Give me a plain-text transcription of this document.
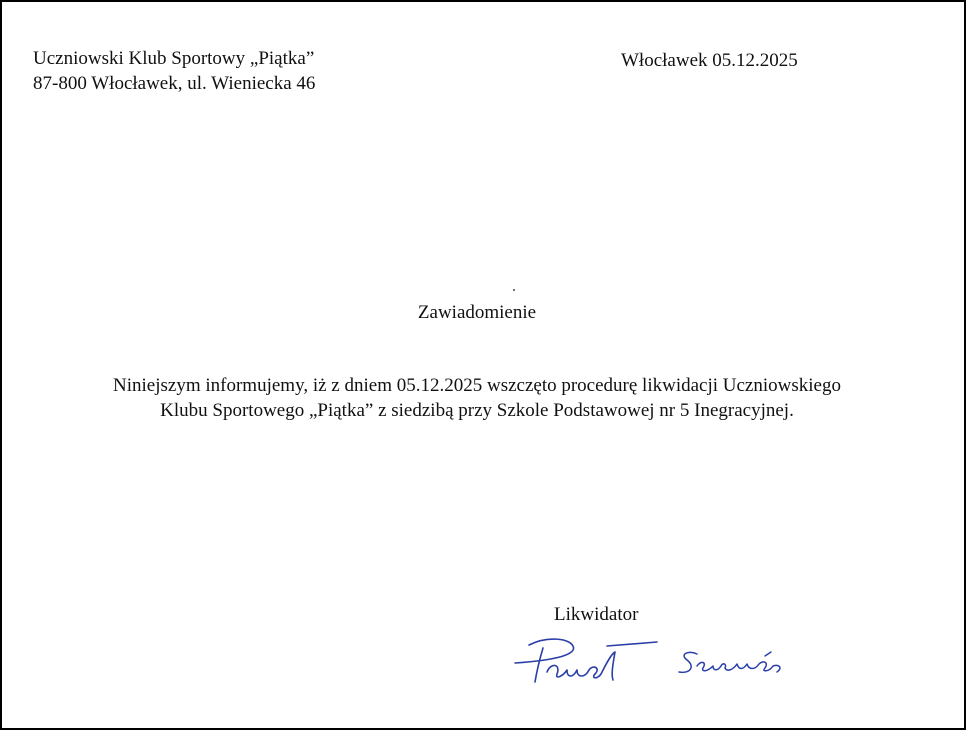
Uczniowski Klub Sportowy „Piątka”
87-800 Włocławek, ul. Wieniecka 46
Włocławek 05.12.2025
Zawiadomienie
Niniejszym informujemy, iż z dniem 05.12.2025 wszczęto procedurę likwidacji Uczniowskiego
Klubu Sportowego „Piątka” z siedzibą przy Szkole Podstawowej nr 5 Inegracyjnej.
Likwidator
